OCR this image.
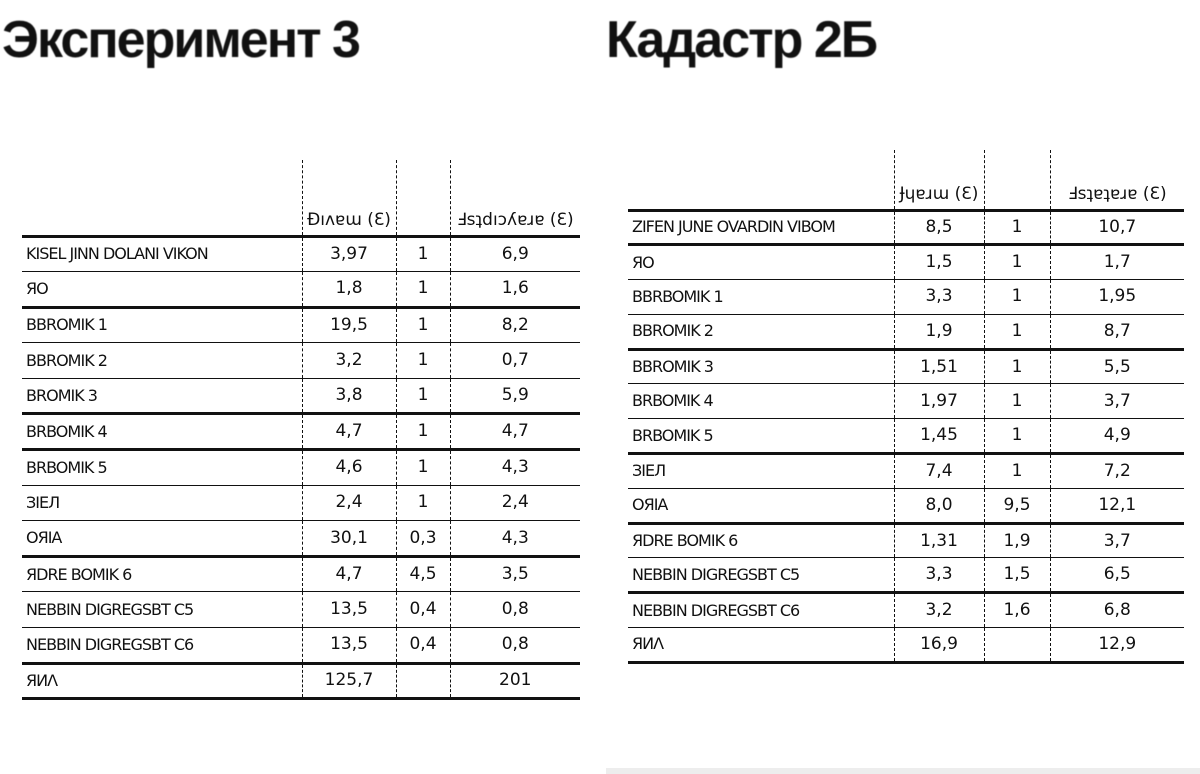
Эксперимент 3	Кадастр 2Б
	Ɖıʌɐɯ (Ɛ)		Ⅎsʇdıɔʎɐɹɐ (Ɛ)
KISEL JINN DOLANI VIKON	3,97	1	6,9
ЯO	1,8	1	1,6
BBROMIK 1	19,5	1	8,2
BBROMIK 2	3,2	1	0,7
BROMIK 3	3,8	1	5,9
BRBOMIK 4	4,7	1	4,7
BRBOMIK 5	4,6	1	4,3
ЗIЕЛ	2,4	1	2,4
ОЯIА	30,1	0,3	4,3
ЯDRE BOMIK 6	4,7	4,5	3,5
NEBBIN DIGREGSBT C5	13,5	0,4	0,8
NEBBIN DIGREGSBT C6	13,5	0,4	0,8
ЯИΛ	125,7		201
	Ɉɥɐɹɯ (Ɛ)		Ⅎsʇɐʇɐɹɐ (Ɛ)
ZIFEN JUNE OVARDIN VIBOM	8,5	1	10,7
ЯO	1,5	1	1,7
BBRBOMIK 1	3,3	1	1,95
BBROMIK 2	1,9	1	8,7
BBROMIK 3	1,51	1	5,5
BRBOMIK 4	1,97	1	3,7
BRBOMIK 5	1,45	1	4,9
ЗIЕЛ	7,4	1	7,2
ОЯIА	8,0	9,5	12,1
ЯDRE BOMIK 6	1,31	1,9	3,7
NEBBIN DIGREGSBT C5	3,3	1,5	6,5
NEBBIN DIGREGSBT C6	3,2	1,6	6,8
ЯИΛ	16,9		12,9
